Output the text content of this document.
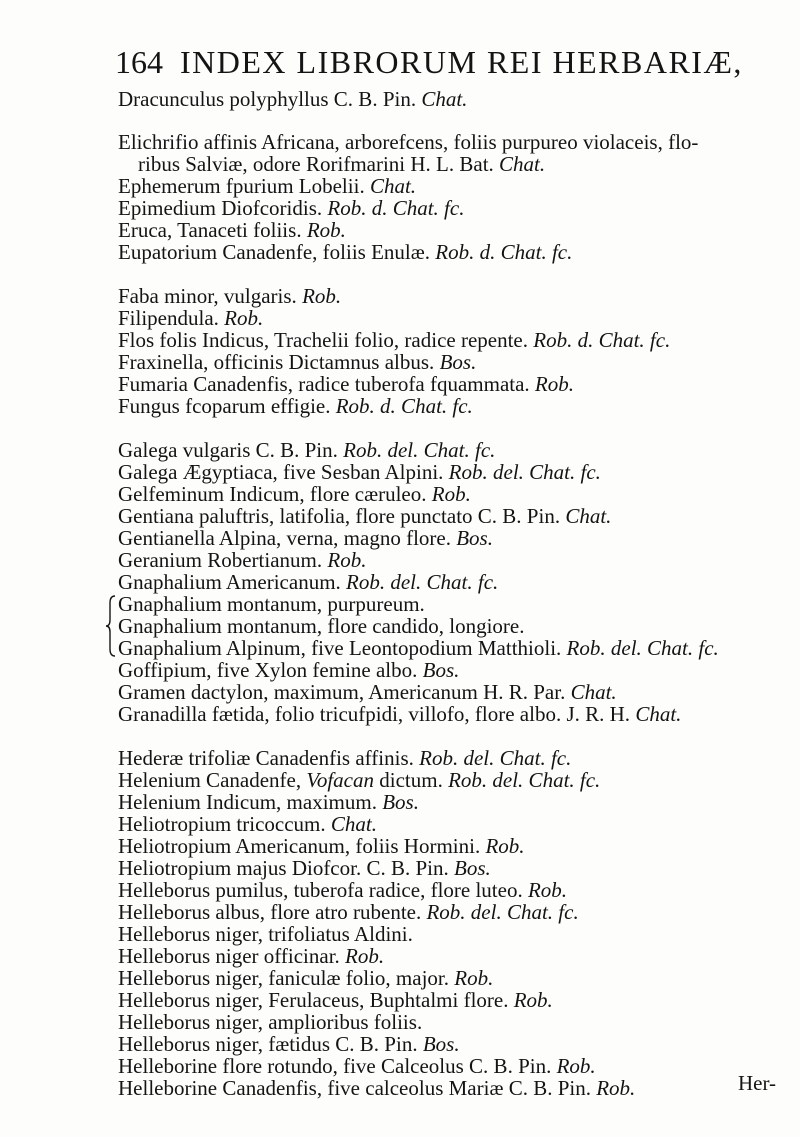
164 INDEX LIBRORUM REI HERBARIÆ,
Dracunculus polyphyllus C. B. Pin. Chat.
Elichrifio affinis Africana, arborefcens, foliis purpureo violaceis, flo-
ribus Salviæ, odore Rorifmarini H. L. Bat. Chat.
Ephemerum fpurium Lobelii. Chat.
Epimedium Diofcoridis. Rob. d. Chat. fc.
Eruca, Tanaceti foliis. Rob.
Eupatorium Canadenfe, foliis Enulæ. Rob. d. Chat. fc.
Faba minor, vulgaris. Rob.
Filipendula. Rob.
Flos folis Indicus, Trachelii folio, radice repente. Rob. d. Chat. fc.
Fraxinella, officinis Dictamnus albus. Bos.
Fumaria Canadenfis, radice tuberofa fquammata. Rob.
Fungus fcoparum effigie. Rob. d. Chat. fc.
Galega vulgaris C. B. Pin. Rob. del. Chat. fc.
Galega Ægyptiaca, five Sesban Alpini. Rob. del. Chat. fc.
Gelfeminum Indicum, flore cæruleo. Rob.
Gentiana paluftris, latifolia, flore punctato C. B. Pin. Chat.
Gentianella Alpina, verna, magno flore. Bos.
Geranium Robertianum. Rob.
Gnaphalium Americanum. Rob. del. Chat. fc.
Gnaphalium montanum, purpureum.
Gnaphalium montanum, flore candido, longiore.
Gnaphalium Alpinum, five Leontopodium Matthioli. Rob. del. Chat. fc.
Goffipium, five Xylon femine albo. Bos.
Gramen dactylon, maximum, Americanum H. R. Par. Chat.
Granadilla fætida, folio tricufpidi, villofo, flore albo. J. R. H. Chat.
Hederæ trifoliæ Canadenfis affinis. Rob. del. Chat. fc.
Helenium Canadenfe, Vofacan dictum. Rob. del. Chat. fc.
Helenium Indicum, maximum. Bos.
Heliotropium tricoccum. Chat.
Heliotropium Americanum, foliis Hormini. Rob.
Heliotropium majus Diofcor. C. B. Pin. Bos.
Helleborus pumilus, tuberofa radice, flore luteo. Rob.
Helleborus albus, flore atro rubente. Rob. del. Chat. fc.
Helleborus niger, trifoliatus Aldini.
Helleborus niger officinar. Rob.
Helleborus niger, faniculæ folio, major. Rob.
Helleborus niger, Ferulaceus, Buphtalmi flore. Rob.
Helleborus niger, amplioribus foliis.
Helleborus niger, fætidus C. B. Pin. Bos.
Helleborine flore rotundo, five Calceolus C. B. Pin. Rob.
Helleborine Canadenfis, five calceolus Mariæ C. B. Pin. Rob.	Her-
